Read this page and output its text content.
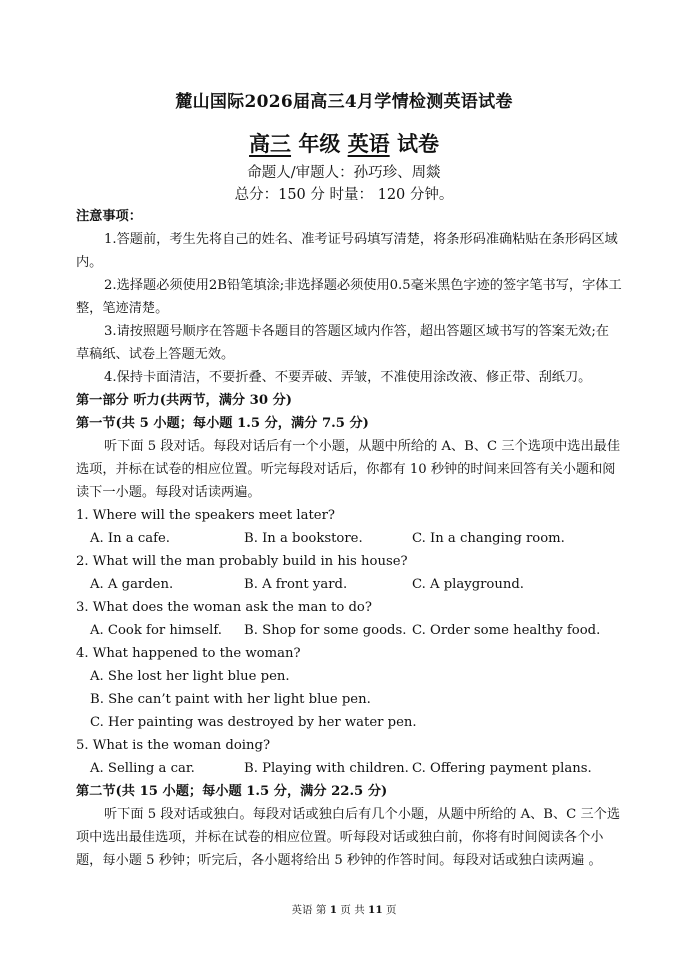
麓山国际2026届高三4月学情检测英语试卷
高三 年级 英语 试卷
命题人/审题人：孙巧珍、周燚
总分：150 分 时量： 120 分钟。

注意事项：

1.答题前，考生先将自己的姓名、准考证号码填写清楚，将条形码准确粘贴在条形码区域内。

2.选择题必须使用2B铅笔填涂;非选择题必须使用0.5毫米黑色字迹的签字笔书写，字体工整，笔迹清楚。

3.请按照题号顺序在答题卡各题目的答题区域内作答，超出答题区域书写的答案无效;在草稿纸、试卷上答题无效。

4.保持卡面清洁，不要折叠、不要弄破、弄皱，不准使用涂改液、修正带、刮纸刀。

第一部分 听力(共两节，满分 30 分)

第一节(共 5 小题；每小题 1.5 分，满分 7.5 分)

听下面 5 段对话。每段对话后有一个小题，从题中所给的 A、B、C 三个选项中选出最佳选项，并标在试卷的相应位置。听完每段对话后，你都有 10 秒钟的时间来回答有关小题和阅读下一小题。每段对话读两遍。

1. Where will the speakers meet later?

A. In a cafe.	B. In a bookstore.	C. In a changing room.

2. What will the man probably build in his house?

A. A garden.	B. A front yard.	C. A playground.

3. What does the woman ask the man to do?

A. Cook for himself.	B. Shop for some goods. C. Order some healthy food.

4. What happened to the woman?

A. She lost her light blue pen.

B. She can’t paint with her light blue pen.

C. Her painting was destroyed by her water pen.

5. What is the woman doing?

A. Selling a car.	B. Playing with children. C. Offering payment plans.

第二节(共 15 小题；每小题 1.5 分，满分 22.5 分)

听下面 5 段对话或独白。每段对话或独白后有几个小题，从题中所给的 A、B、C 三个选项中选出最佳选项，并标在试卷的相应位置。听每段对话或独白前，你将有时间阅读各个小题，每小题 5 秒钟；听完后，各小题将给出 5 秒钟的作答时间。每段对话或独白读两遍 。

英语 第 1 页 共 11 页
